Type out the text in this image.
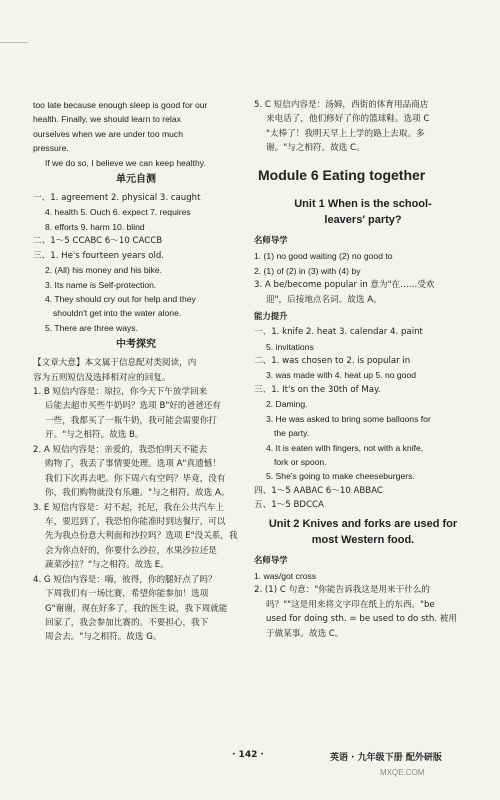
too late because enough sleep is good for our

health. Finally, we should learn to relax

ourselves when we are under too much

pressure.

If we do so, I believe we can keep healthy.

单元自测

一、1. agreement 2. physical 3. caught

4. health 5. Ouch 6. expect 7. requires

8. efforts 9. harm 10. blind

二、1～5 CCABC 6～10 CACCB

三、1. He's fourteen years old.

2. (All) his money and his bike.

3. Its name is Self-protection.

4. They should cry out for help and they

shouldn't get into the water alone.

5. There are three ways.

中考探究

【文章大意】本文属于信息配对类阅读，内

容为五则短信及选择相对应的回复。

1. B 短信内容是：琼拉，你今天下午放学回来

后能去超市买些牛奶吗？选项 B"好的爸爸还有

一些，我都买了一瓶牛奶，我可能会需要你打

开。"与之相符。故选 B。

2. A 短信内容是：亲爱的，我恐怕明天不能去

购物了，我丢了事情要处理。选项 A"真遗憾！

我们下次再去吧。你下周六有空吗？毕竟，没有

你，我们购物就没有乐趣。"与之相符。故选 A。

3. E 短信内容是：对不起，托尼，我在公共汽车上

车，要迟到了，我恐怕你能准时到达餐厅，可以

先为我点份意大利面和沙拉吗？选项 E"没关系，我

会为你点好的，你要什么沙拉，水果沙拉还是

蔬菜沙拉？"与之相符。故选 E。

4. G 短信内容是：嗨，彼得，你的腿好点了吗？

下周我们有一场比赛，希望你能参加！选项

G"谢谢，现在好多了，我的医生说，我下周就能

回家了，我会参加比赛的。不要担心，我下

周会去。"与之相符。故选 G。

5. C 短信内容是：汤姆，西街的体育用品商店

来电话了，他们修好了你的篮球鞋。选项 C

"太棒了！我明天早上上学的路上去取。多

谢。"与之相符。故选 C。

Module 6 Eating together
Unit 1 When is the school-
leavers' party?
名师导学

1. (1) no good waiting (2) no good to

2. (1) of (2) in (3) with (4) by

3. A be/become popular in 意为"在……受欢

迎"，后接地点名词。故选 A。

能力提升

一、1. knife 2. heat 3. calendar 4. paint

5. invitations

二、1. was chosen to 2. is popular in

3. was made with 4. heat up 5. no good

三、1. It's on the 30th of May.

2. Daming.

3. He was asked to bring some balloons for

the party.

4. It is eaten with fingers, not with a knife,

fork or spoon.

5. She's going to make cheeseburgers.

四、1～5 AABAC 6～10 ABBAC

五、1～5 BDCCA

Unit 2 Knives and forks are used for
most Western food.
名师导学

1. was/got cross

2. (1) C 句意："你能告诉我这是用来干什么的

吗？""这是用来将文字印在纸上的东西。"be

used for doing sth. = be used to do sth. 被用

于做某事。故选 C。

· 142 ·	英语 · 九年级下册 配外研版
MXQE.COM
